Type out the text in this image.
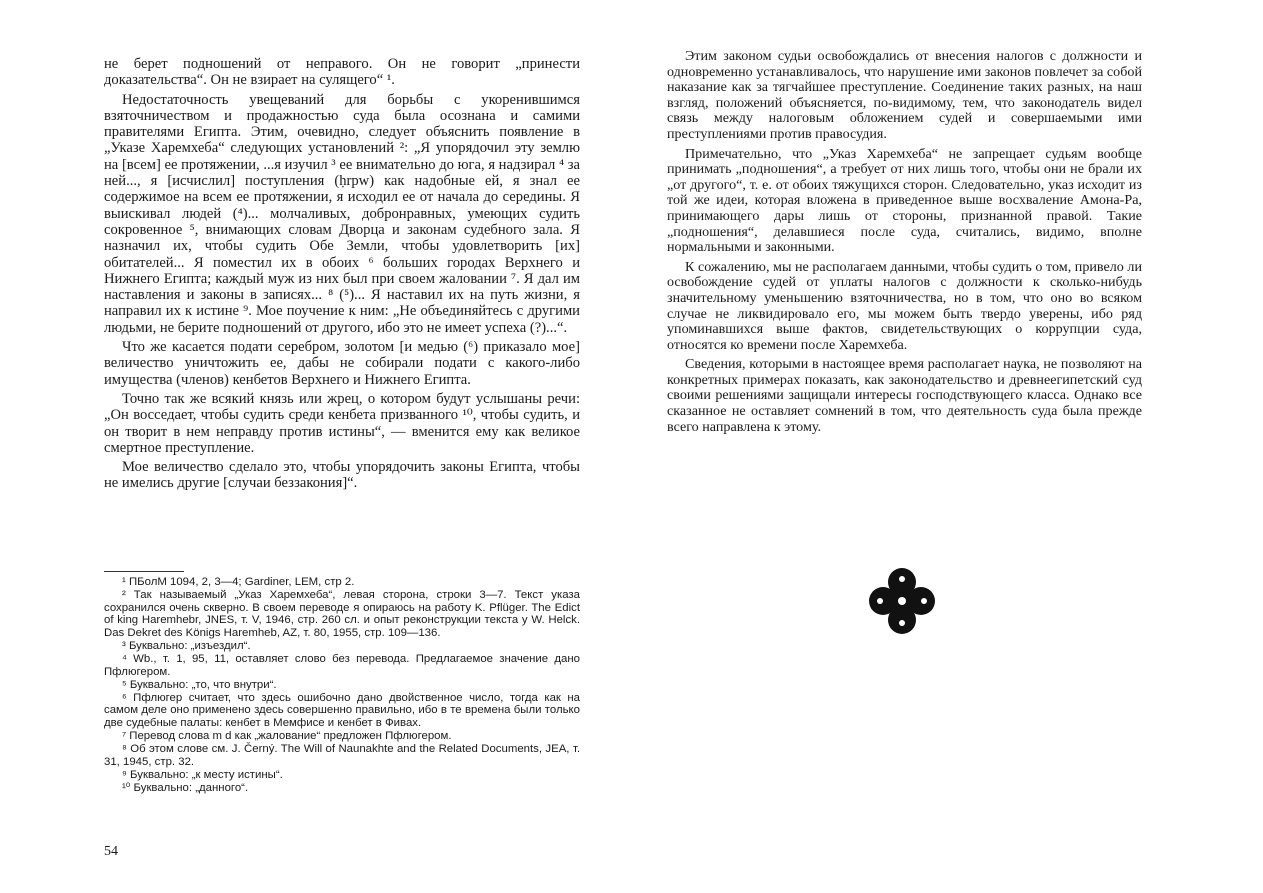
не берет подношений от неправого. Он не говорит „принести доказательства“. Он не взирает на сулящего“ ¹.

Недостаточность увещеваний для борьбы с укоренившимся взяточничеством и продажностью суда была осознана и самими правителями Египта. Этим, очевидно, следует объяснить появление в „Указе Харемхеба“ следующих установлений ²: „Я упорядочил эту землю на [всем] ее протяжении, ...я изучил ³ ее внимательно до юга, я надзирал ⁴ за ней..., я [исчислил] поступления (ḥrpw) как надобные ей, я знал ее содержимое на всем ее протяжении, я исходил ее от начала до середины. Я выискивал людей (⁴)... молчаливых, добронравных, умеющих судить сокровенное ⁵, внимающих словам Дворца и законам судебного зала. Я назначил их, чтобы судить Обе Земли, чтобы удовлетворить [их] обитателей... Я поместил их в обоих ⁶ больших городах Верхнего и Нижнего Египта; каждый муж из них был при своем жаловании ⁷. Я дал им наставления и законы в записях... ⁸ (⁵)... Я наставил их на путь жизни, я направил их к истине ⁹. Мое поучение к ним: „Не объединяйтесь с другими людьми, не берите подношений от другого, ибо это не имеет успеха (?)...“.

Что же касается подати серебром, золотом [и медью (⁶) приказало мое] величество уничтожить ее, дабы не собирали подати с какого-либо имущества (членов) кенбетов Верхнего и Нижнего Египта.

Точно так же всякий князь или жрец, о котором будут услышаны речи: „Он восседает, чтобы судить среди кенбета призванного ¹⁰, чтобы судить, и он творит в нем неправду против истины“, — вменится ему как великое смертное преступление.

Мое величество сделало это, чтобы упорядочить законы Египта, чтобы не имелись другие [случаи беззакония]“.

¹ ПБолМ 1094, 2, 3—4; Gardiner, LEM, стр 2.

² Так называемый „Указ Харемхеба“, левая сторона, строки 3—7. Текст указа сохранился очень скверно. В своем переводе я опираюсь на работу K. Pflüger. The Edict of king Haremhebr, JNES, т. V, 1946, стр. 260 сл. и опыт реконструкции текста у W. Helck. Das Dekret des Königs Haremheb, AZ, т. 80, 1955, стр. 109—136.

³ Буквально: „изъездил“.

⁴ Wb., т. 1, 95, 11, оставляет слово без перевода. Предлагаемое значение дано Пфлюгером.

⁵ Буквально: „то, что внутри“.

⁶ Пфлюгер считает, что здесь ошибочно дано двойственное число, тогда как на самом деле оно применено здесь совершенно правильно, ибо в те времена были только две судебные палаты: кенбет в Мемфисе и кенбет в Фивах.

⁷ Перевод слова m d как „жалование“ предложен Пфлюгером.

⁸ Об этом слове см. J. Černý. The Will of Naunakhte and the Related Documents, JEA, т. 31, 1945, стр. 32.

⁹ Буквально: „к месту истины“.

¹⁰ Буквально: „данного“.

54

Этим законом судьи освобождались от внесения налогов с должности и одновременно устанавливалось, что нарушение ими законов повлечет за собой наказание как за тягчайшее преступление. Соединение таких разных, на наш взгляд, положений объясняется, по-видимому, тем, что законодатель видел связь между налоговым обложением судей и совершаемыми ими преступлениями против правосудия.

Примечательно, что „Указ Харемхеба“ не запрещает судьям вообще принимать „подношения“, а требует от них лишь того, чтобы они не брали их „от другого“, т. е. от обоих тяжущихся сторон. Следовательно, указ исходит из той же идеи, которая вложена в приведенное выше восхваление Амона-Ра, принимающего дары лишь от стороны, признанной правой. Такие „подношения“, делавшиеся после суда, считались, видимо, вполне нормальными и законными.

К сожалению, мы не располагаем данными, чтобы судить о том, привело ли освобождение судей от уплаты налогов с должности к сколько-нибудь значительному уменьшению взяточничества, но в том, что оно во всяком случае не ликвидировало его, мы можем быть твердо уверены, ибо ряд упоминавшихся выше фактов, свидетельствующих о коррупции суда, относятся ко времени после Харемхеба.

Сведения, которыми в настоящее время располагает наука, не позволяют на конкретных примерах показать, как законодательство и древнеегипетский суд своими решениями защищали интересы господствующего класса. Однако все сказанное не оставляет сомнений в том, что деятельность суда была прежде всего направлена к этому.
